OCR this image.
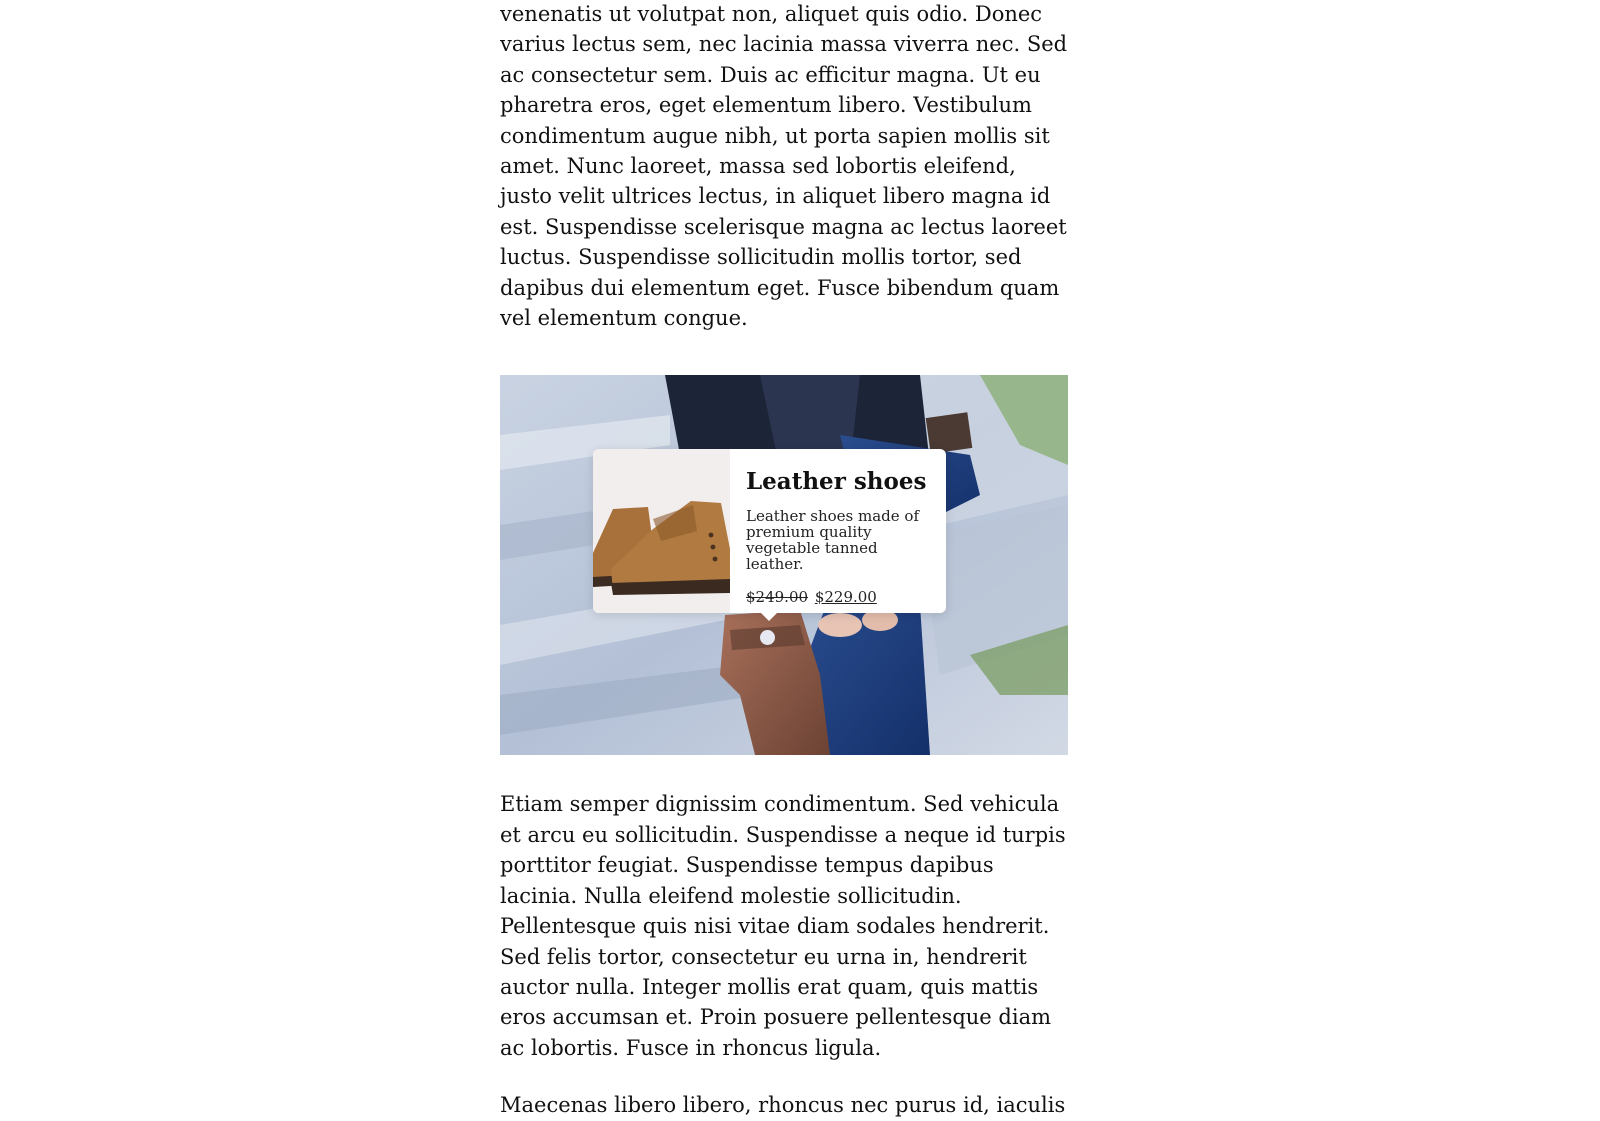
venenatis ut volutpat non, aliquet quis odio. Donec varius lectus sem, nec lacinia massa viverra nec. Sed ac consectetur sem. Duis ac efficitur magna. Ut eu pharetra eros, eget elementum libero. Vestibulum condimentum augue nibh, ut porta sapien mollis sit amet. Nunc laoreet, massa sed lobortis eleifend, justo velit ultrices lectus, in aliquet libero magna id est. Suspendisse scelerisque magna ac lectus laoreet luctus. Suspendisse sollicitudin mollis tortor, sed dapibus dui elementum eget. Fusce bibendum quam vel elementum congue.

Leather shoes

Leather shoes made of premium quality vegetable tanned leather.

$249.00 $229.00

Etiam semper dignissim condimentum. Sed vehicula et arcu eu sollicitudin. Suspendisse a neque id turpis porttitor feugiat. Suspendisse tempus dapibus lacinia. Nulla eleifend molestie sollicitudin. Pellentesque quis nisi vitae diam sodales hendrerit. Sed felis tortor, consectetur eu urna in, hendrerit auctor nulla. Integer mollis erat quam, quis mattis eros accumsan et. Proin posuere pellentesque diam ac lobortis. Fusce in rhoncus ligula.

Maecenas libero libero, rhoncus nec purus id, iaculis
